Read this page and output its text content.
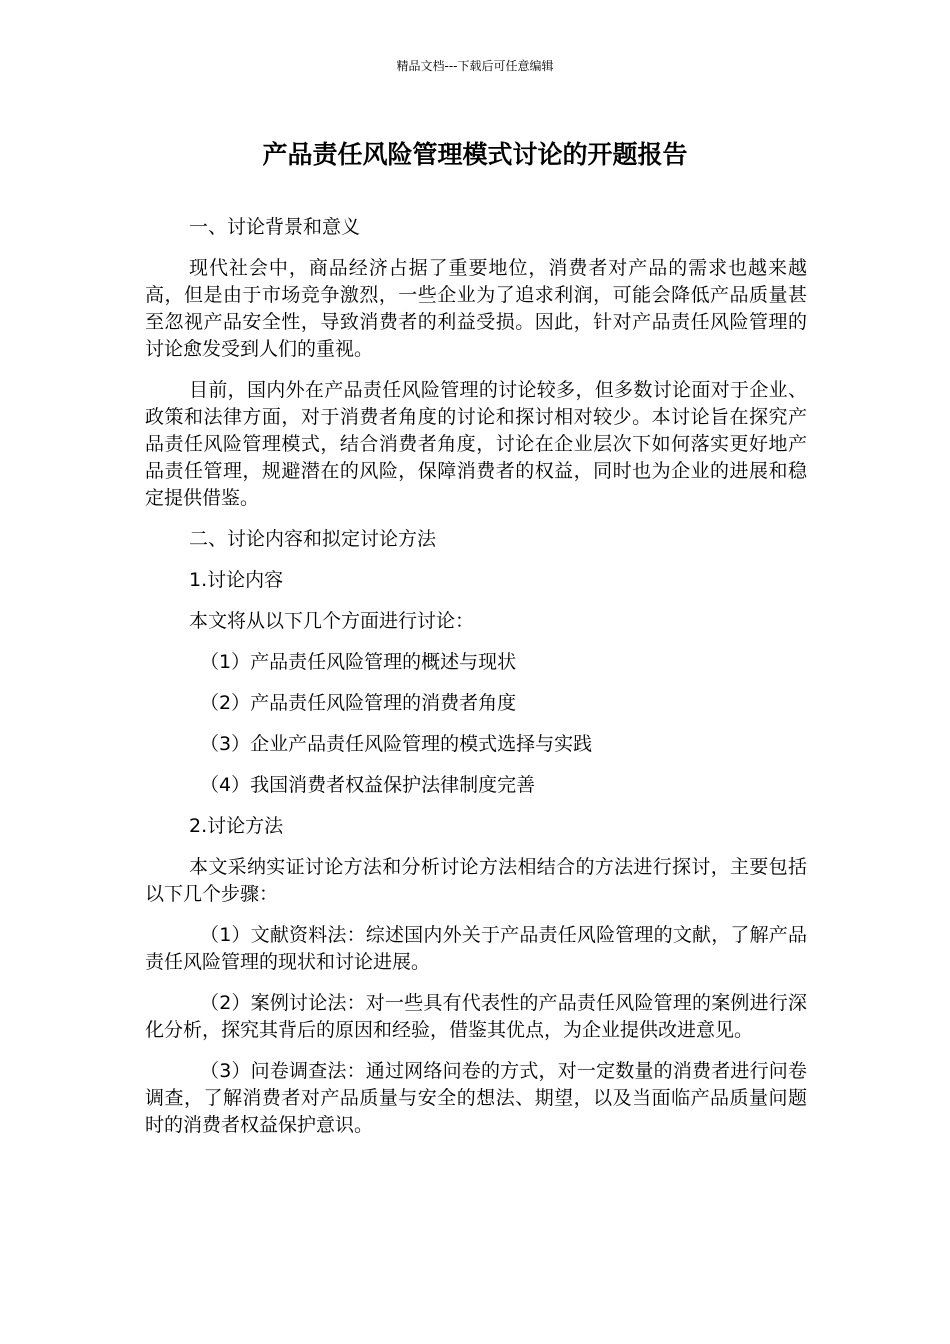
精品文档---下载后可任意编辑
产品责任风险管理模式讨论的开题报告

一、讨论背景和意义

现代社会中，商品经济占据了重要地位，消费者对产品的需求也越来越高，但是由于市场竞争激烈，一些企业为了追求利润，可能会降低产品质量甚至忽视产品安全性，导致消费者的利益受损。因此，针对产品责任风险管理的讨论愈发受到人们的重视。

目前，国内外在产品责任风险管理的讨论较多，但多数讨论面对于企业、政策和法律方面，对于消费者角度的讨论和探讨相对较少。本讨论旨在探究产品责任风险管理模式，结合消费者角度，讨论在企业层次下如何落实更好地产品责任管理，规避潜在的风险，保障消费者的权益，同时也为企业的进展和稳定提供借鉴。

二、讨论内容和拟定讨论方法

1.讨论内容

本文将从以下几个方面进行讨论：

（1）产品责任风险管理的概述与现状

（2）产品责任风险管理的消费者角度

（3）企业产品责任风险管理的模式选择与实践

（4）我国消费者权益保护法律制度完善

2.讨论方法

本文采纳实证讨论方法和分析讨论方法相结合的方法进行探讨，主要包括以下几个步骤：

（1）文献资料法：综述国内外关于产品责任风险管理的文献，了解产品责任风险管理的现状和讨论进展。

（2）案例讨论法：对一些具有代表性的产品责任风险管理的案例进行深化分析，探究其背后的原因和经验，借鉴其优点，为企业提供改进意见。

（3）问卷调查法：通过网络问卷的方式，对一定数量的消费者进行问卷调查，了解消费者对产品质量与安全的想法、期望，以及当面临产品质量问题时的消费者权益保护意识。
